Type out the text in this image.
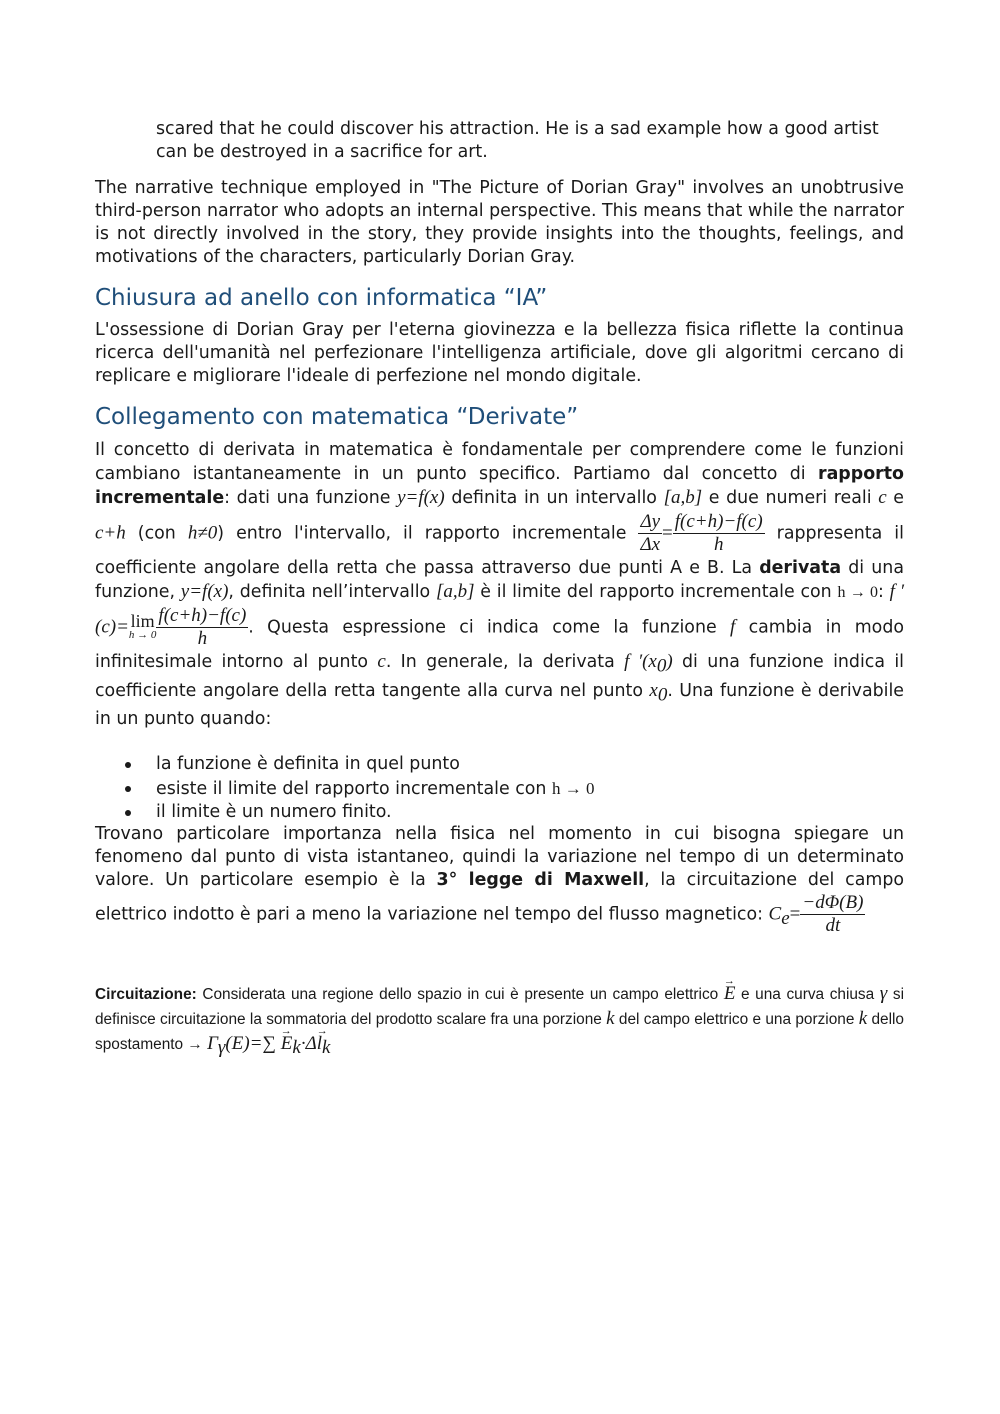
scared that he could discover his attraction. He is a sad example how a good artist can be destroyed in a sacrifice for art.

The narrative technique employed in "The Picture of Dorian Gray" involves an unobtrusive third-person narrator who adopts an internal perspective. This means that while the narrator is not directly involved in the story, they provide insights into the thoughts, feelings, and motivations of the characters, particularly Dorian Gray.

Chiusura ad anello con informatica “IA”

L'ossessione di Dorian Gray per l'eterna giovinezza e la bellezza fisica riflette la continua ricerca dell'umanità nel perfezionare l'intelligenza artificiale, dove gli algoritmi cercano di replicare e migliorare l'ideale di perfezione nel mondo digitale.

Collegamento con matematica “Derivate”

Il concetto di derivata in matematica è fondamentale per comprendere come le funzioni cambiano istantaneamente in un punto specifico. Partiamo dal concetto di rapporto incrementale: dati una funzione y=f(x) definita in un intervallo [a,b] e due numeri reali c e c+h (con h≠0) entro l'intervallo, il rapporto incrementale $\frac{\Delta y}{\Delta x} = \frac{f(c+h)-f(c)}{h}$ rappresenta il coefficiente angolare della retta che passa attraverso due punti A e B. La derivata di una funzione, y=f(x), definita nell’intervallo [a,b] è il limite del rapporto incrementale con h → 0: f ′(c)=lim
$h \to 0 \frac{f(c+h)-f(c)}{h}$ . Questa espressione ci indica come la funzione f cambia in modo infinitesimale intorno al punto c. In generale, la derivata f $'(x_0)$ di una funzione indica il coefficiente angolare della retta tangente alla curva nel punto $x_0$. Una funzione è derivabile in un punto quando:

la funzione è definita in quel punto
esiste il limite del rapporto incrementale con h → 0
il limite è un numero finito.

Trovano particolare importanza nella fisica nel momento in cui bisogna spiegare un fenomeno dal punto di vista istantaneo, quindi la variazione nel tempo di un determinato valore. Un particolare esempio è la 3° legge di Maxwell, la circuitazione del campo elettrico indotto è pari a meno la variazione nel tempo del flusso magnetico: $C_e= \frac{-d\Phi(B)}{dt}$

Circuitazione: Considerata una regione dello spazio in cui è presente un campo elettrico → E e una curva chiusa γ si definisce circuitazione la sommatoria del prodotto scalare fra una porzione k del campo elettrico e una porzione k dello spostamento → $\Gamma_\gamma(E)=\sum \to E_k\cdot\Delta\to l_k$
